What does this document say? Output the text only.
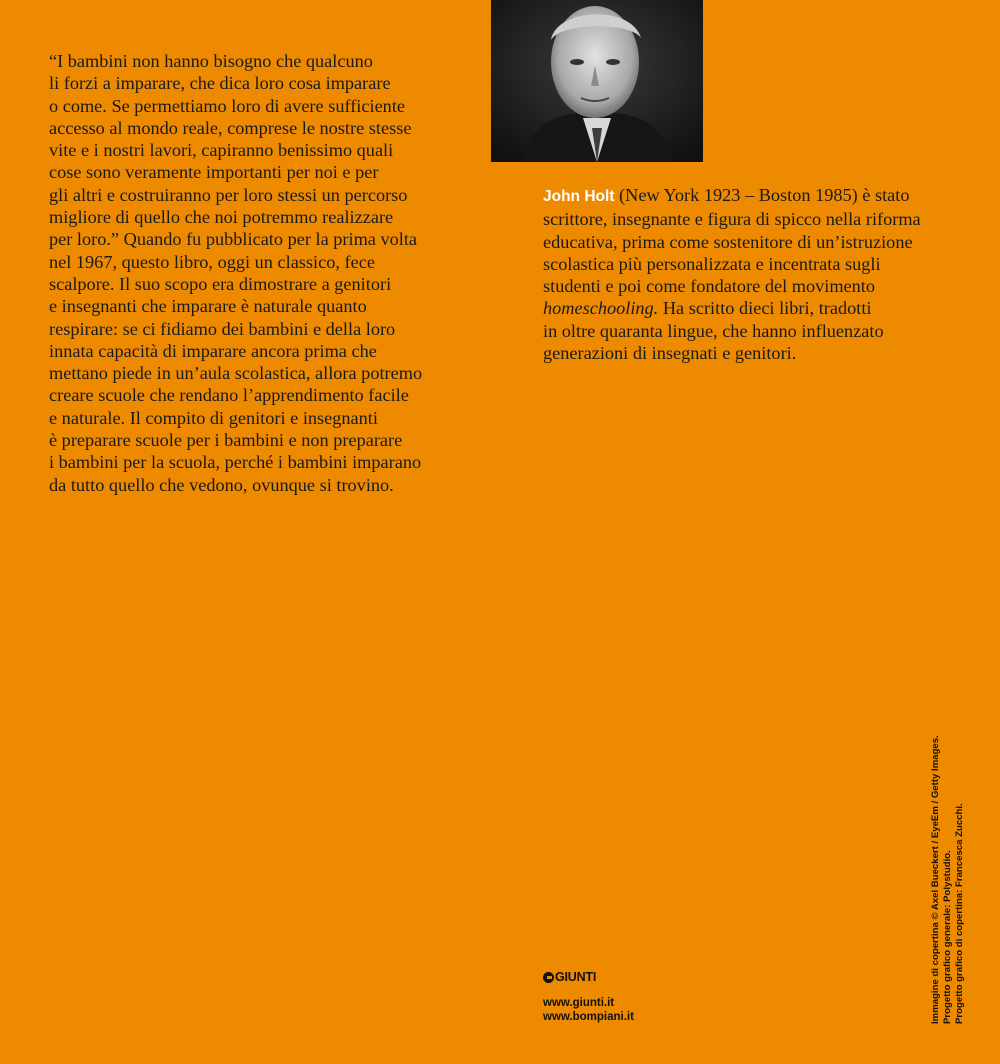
“I bambini non hanno bisogno che qualcuno
li forzi a imparare, che dica loro cosa imparare
o come. Se permettiamo loro di avere sufficiente
accesso al mondo reale, comprese le nostre stesse
vite e i nostri lavori, capiranno benissimo quali
cose sono veramente importanti per noi e per
gli altri e costruiranno per loro stessi un percorso
migliore di quello che noi potremmo realizzare
per loro.” Quando fu pubblicato per la prima volta
nel 1967, questo libro, oggi un classico, fece
scalpore. Il suo scopo era dimostrare a genitori
e insegnanti che imparare è naturale quanto
respirare: se ci fidiamo dei bambini e della loro
innata capacità di imparare ancora prima che
mettano piede in un’aula scolastica, allora potremo
creare scuole che rendano l’apprendimento facile
e naturale. Il compito di genitori e insegnanti
è preparare scuole per i bambini e non preparare
i bambini per la scuola, perché i bambini imparano
da tutto quello che vedono, ovunque si trovino.

John Holt (New York 1923 – Boston 1985) è stato
scrittore, insegnante e figura di spicco nella riforma
educativa, prima come sostenitore di un’istruzione
scolastica più personalizzata e incentrata sugli
studenti e poi come fondatore del movimento
homeschooling. Ha scritto dieci libri, tradotti
in oltre quaranta lingue, che hanno influenzato
generazioni di insegnati e genitori.

GIUNTI
www.giunti.it
www.bompiani.it	Immagine di copertina © Axel Bueckert / EyeEm / Getty Images. Progetto grafico generale: Polystudio. Progetto grafico di copertina: Francesca Zucchi.
